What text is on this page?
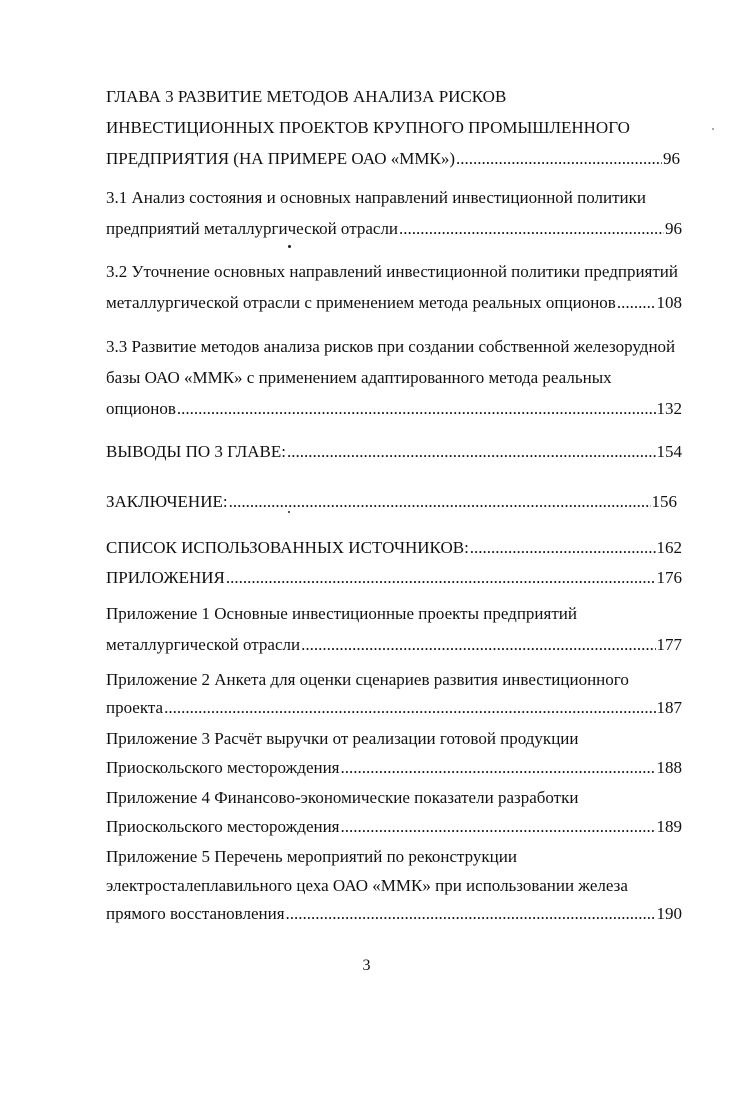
ГЛАВА 3 РАЗВИТИЕ МЕТОДОВ АНАЛИЗА РИСКОВ
ИНВЕСТИЦИОННЫХ ПРОЕКТОВ КРУПНОГО ПРОМЫШЛЕННОГО
ПРЕДПРИЯТИЯ (НА ПРИМЕРЕ ОАО «ММК») .....	96
3.1 Анализ состояния и основных направлений инвестиционной политики
предприятий металлургической отрасли .....	96
3.2 Уточнение основных направлений инвестиционной политики предприятий
металлургической отрасли с применением метода реальных опционов ..... 108
3.3 Развитие методов анализа рисков при создании собственной железорудной
базы ОАО «ММК» с применением адаптированного метода реальных
опционов .....	132
ВЫВОДЫ ПО 3 ГЛАВЕ: .....	154
ЗАКЛЮЧЕНИЕ: .....	156
СПИСОК ИСПОЛЬЗОВАННЫХ ИСТОЧНИКОВ: .....	162
ПРИЛОЖЕНИЯ .....	176
Приложение 1 Основные инвестиционные проекты предприятий
металлургической отрасли .....	177
Приложение 2 Анкета для оценки сценариев развития инвестиционного
проекта .....	187
Приложение 3 Расчёт выручки от реализации готовой продукции
Приоскольского месторождения .....	188
Приложение 4 Финансово-экономические показатели разработки
Приоскольского месторождения .....	189
Приложение 5 Перечень мероприятий по реконструкции
электросталеплавильного цеха ОАО «ММК» при использовании железа
прямого восстановления .....	190
3
